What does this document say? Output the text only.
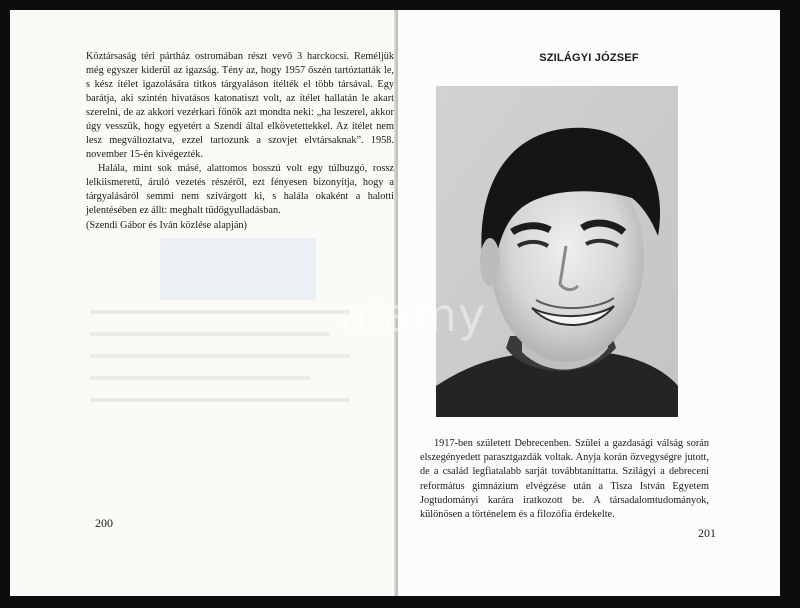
Köztársaság téri pártház ostromában részt vevő 3 harckocsi. Reméljük még egyszer kiderül az igazság. Tény az, hogy 1957 őszén tartóztatták le, s kész ítélet igazolására titkos tárgyaláson ítélték el több társával. Egy barátja, aki szintén hivatásos katonatiszt volt, az ítélet hallatán le akart szerelni, de az akkori vezérkari főnök azt mondta neki: „ha leszerel, akkor úgy vesszük, hogy egyetért a Szendi által elkövetettekkel. Az ítélet nem lesz megváltoztatva, ezzel tartozunk a szovjet elvtársaknak”. 1958. november 15-én kivégezték.

Halála, mint sok másé, alattomos bosszú volt egy túlbuzgó, rossz lelkiismeretű, áruló vezetés részéről, ezt fényesen bizonyítja, hogy a tárgyalásáról semmi nem szivárgott ki, s halála okaként a halotti jelentésében ez állt: meghalt tüdőgyulladásban.

(Szendi Gábor és Iván közlése alapján)

200
SZILÁGYI JÓZSEF

1917-ben született Debrecenben. Szülei a gazdasági válság során elszegényedett parasztgazdák voltak. Anyja korán özvegységre jutott, de a család legfiatalabb sarját továbbtaníttatta. Szilágyi a debreceni református gimnázium elvégzése után a Tisza István Egyetem Jogtudományi karára iratkozott be. A társadalomtudományok, különösen a történelem és a filozófia érdekelte.

201
alamy
